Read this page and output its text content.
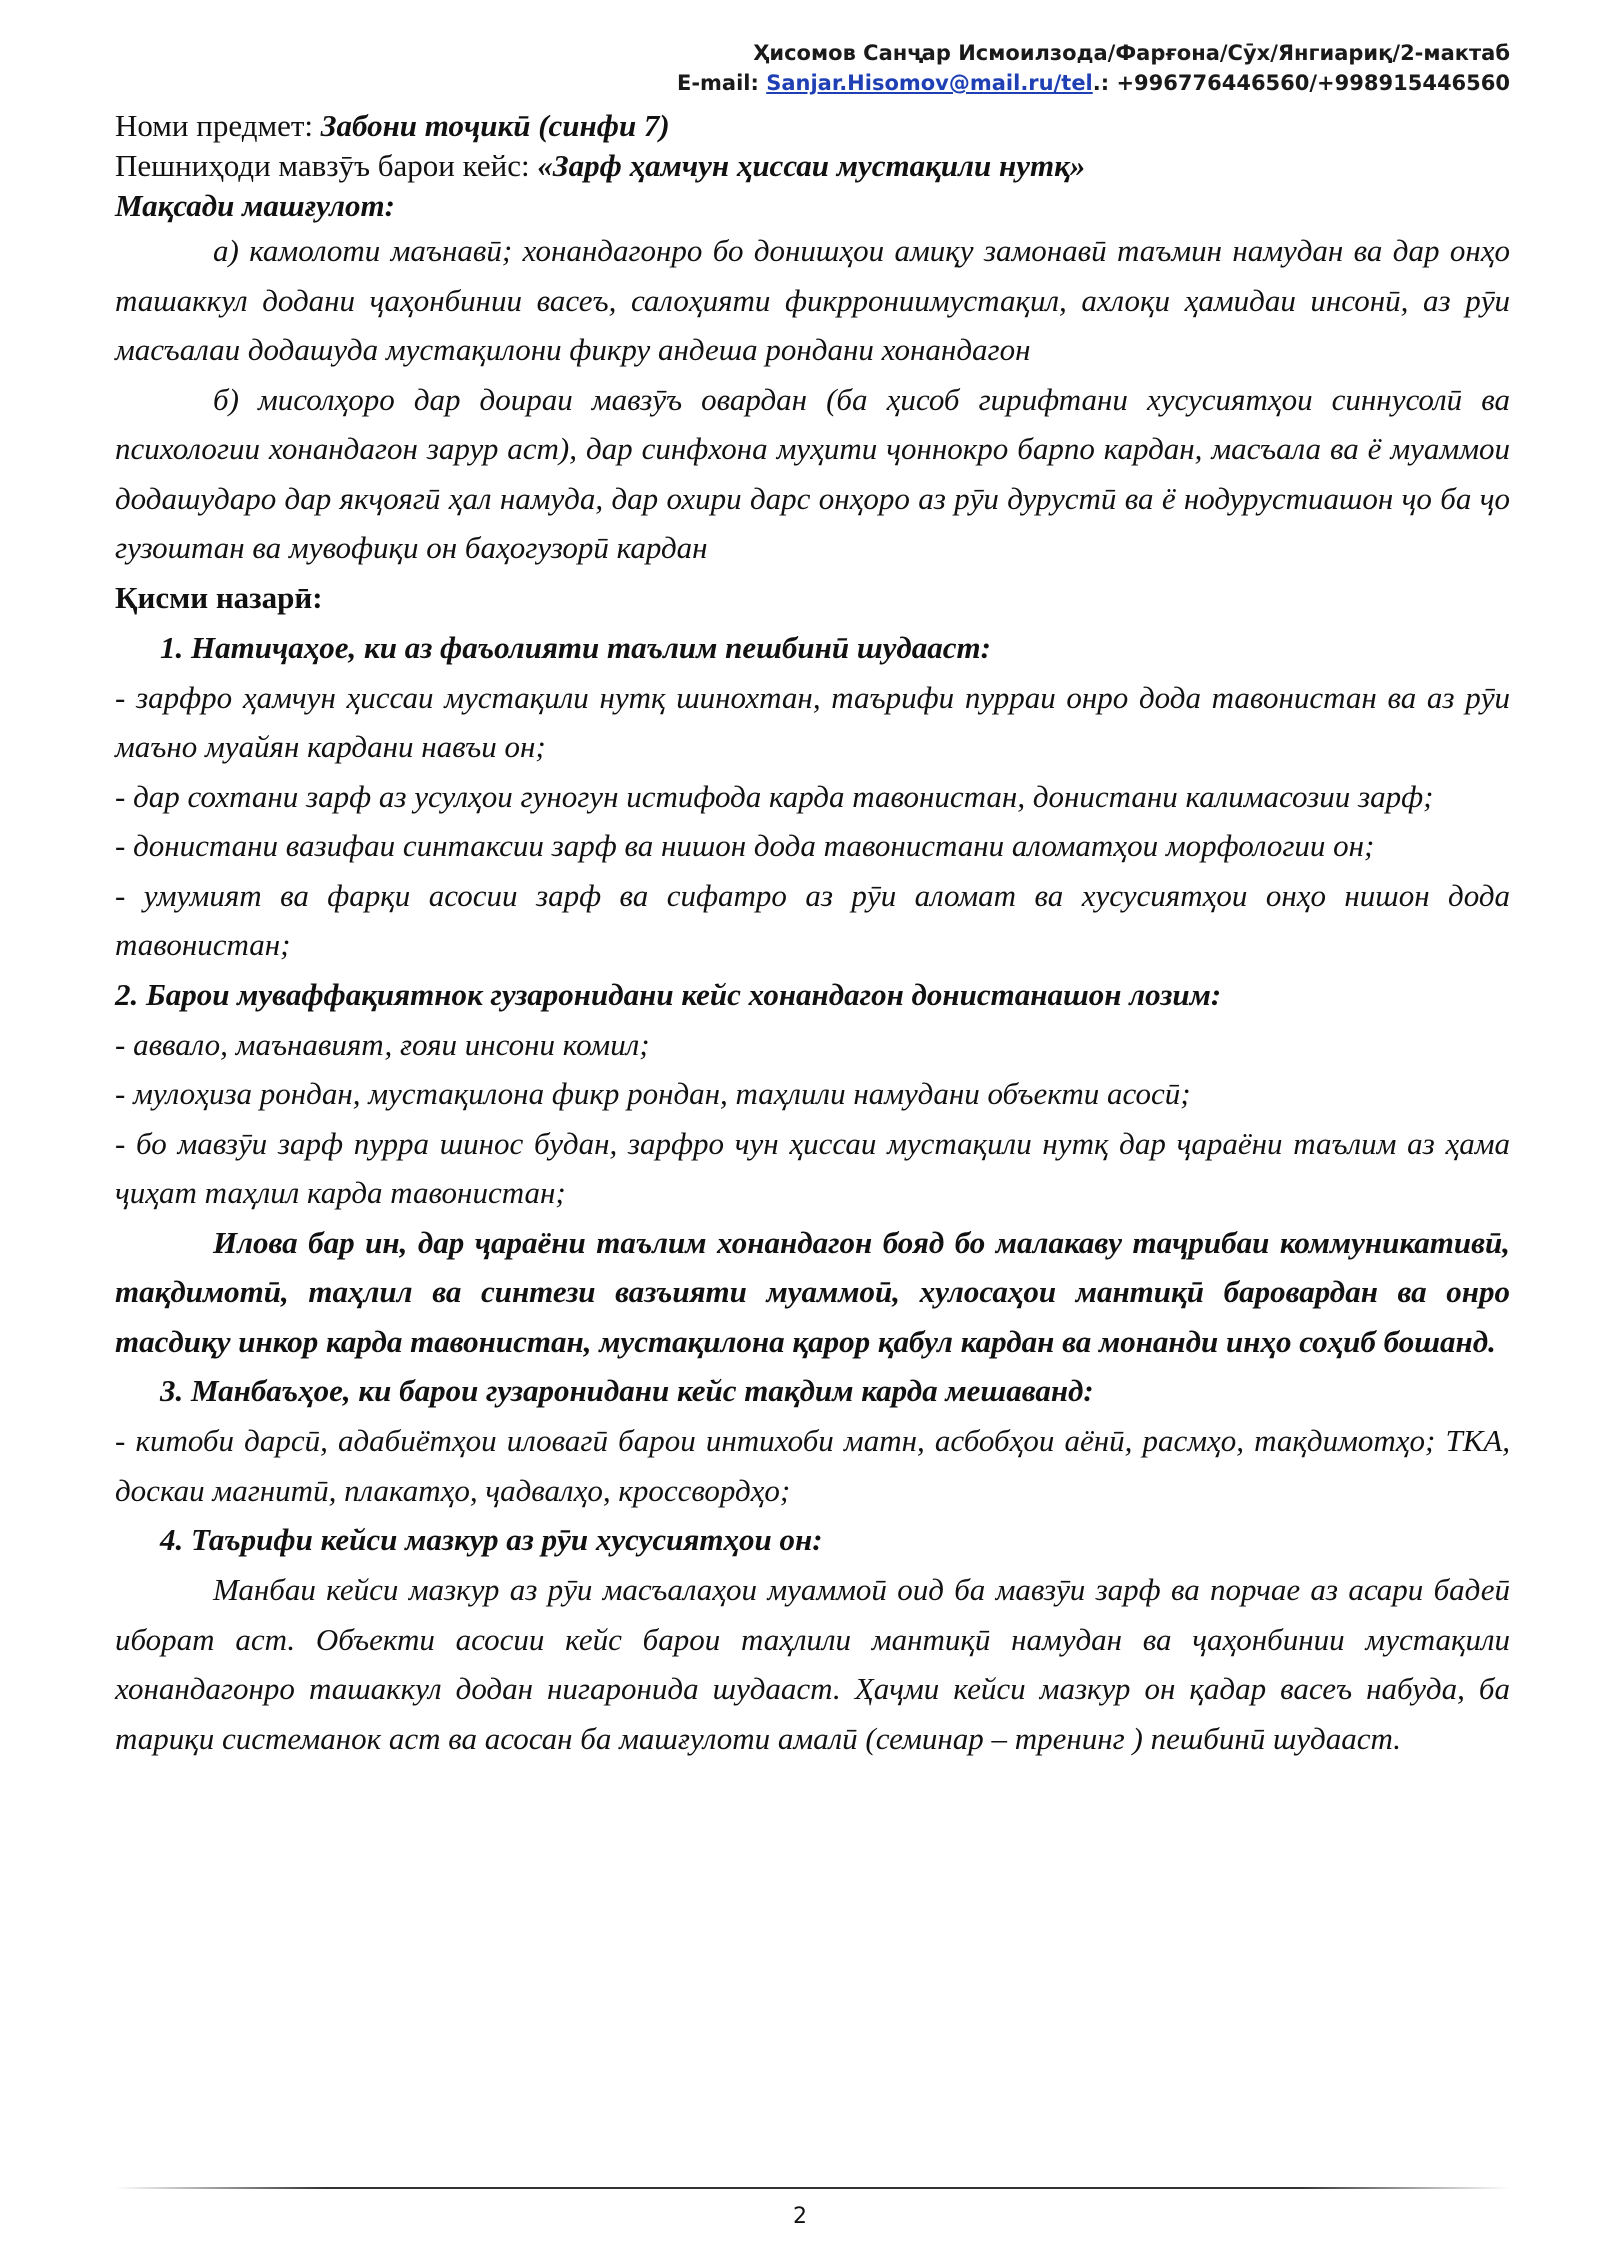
Ҳисомов Санҷар Исмоилзода/Фарғона/Сӯх/Янгиариқ/2-мактаб
E-mail: Sanjar.Hisomov@mail.ru/tel.: +996776446560/+998915446560

Номи предмет: Забони тоҷикӣ (синфи 7)

Пешниҳоди мавзӯъ барои кейс: «Зарф ҳамчун ҳиссаи мустақили нутқ»

Мақсади машғулот:

а) камолоти маънавӣ; хонандагонро бо донишҳои амиқу замонавӣ таъмин намудан ва дар онҳо ташаккул додани ҷаҳонбинии васеъ, салоҳияти фикррониимустақил, ахлоқи ҳамидаи инсонӣ, аз рӯи масъалаи додашуда мустақилони фикру андеша рондани хонандагон

б) мисолҳоро дар доираи мавзӯъ овардан (ба ҳисоб гирифтани хусусиятҳои синнусолӣ ва психологии хонандагон зарур аст), дар синфхона муҳити ҷоннокро барпо кардан, масъала ва ё муаммои додашударо дар якҷоягӣ ҳал намуда, дар охири дарс онҳоро аз рӯи дурустӣ ва ё нодурустиашон ҷо ба ҷо гузоштан ва мувофиқи он баҳогузорӣ кардан

Қисми назарӣ:

1. Натиҷаҳое, ки аз фаъолияти таълим пешбинӣ шудааст:

- зарфро ҳамчун ҳиссаи мустақили нутқ шинохтан, таърифи пурраи онро дода тавонистан ва аз рӯи маъно муайян кардани навъи он;

- дар сохтани зарф аз усулҳои гуногун истифода карда тавонистан, донистани калимасозии зарф;

- донистани вазифаи синтаксии зарф ва нишон дода тавонистани аломатҳои морфологии он;

- умумият ва фарқи асосии зарф ва сифатро аз рӯи аломат ва хусусиятҳои онҳо нишон дода тавонистан;

2. Барои муваффақиятнок гузаронидани кейс хонандагон донистанашон лозим:

- аввало, маънавият, ғояи инсони комил;

- мулоҳиза рондан, мустақилона фикр рондан, таҳлили намудани объекти асосӣ;

- бо мавзӯи зарф пурра шинос будан, зарфро чун ҳиссаи мустақили нутқ дар ҷараёни таълим аз ҳама ҷиҳат таҳлил карда тавонистан;

Илова бар ин, дар ҷараёни таълим хонандагон бояд бо малакаву таҷрибаи коммуникативӣ, тақдимотӣ, таҳлил ва синтези вазъияти муаммоӣ, хулосаҳои мантиқӣ баровардан ва онро тасдиқу инкор карда тавонистан, мустақилона қарор қабул кардан ва монанди инҳо соҳиб бошанд.

3. Манбаъҳое, ки барои гузаронидани кейс тақдим карда мешаванд:

- китоби дарсӣ, адабиётҳои иловагӣ барои интихоби матн, асбобҳои аёнӣ, расмҳо, тақдимотҳо; ТКА, доскаи магнитӣ, плакатҳо, ҷадвалҳо, кроссвордҳо;

4. Таърифи кейси мазкур аз рӯи хусусиятҳои он:

Манбаи кейси мазкур аз рӯи масъалаҳои муаммоӣ оид ба мавзӯи зарф ва порчае аз асари бадеӣ иборат аст. Объекти асосии кейс барои таҳлили мантиқӣ намудан ва ҷаҳонбинии мустақили хонандагонро ташаккул додан нигаронида шудааст. Ҳаҷми кейси мазкур он қадар васеъ набуда, ба тариқи системанок аст ва асосан ба машғулоти амалӣ (семинар – тренинг ) пешбинӣ шудааст.

2
